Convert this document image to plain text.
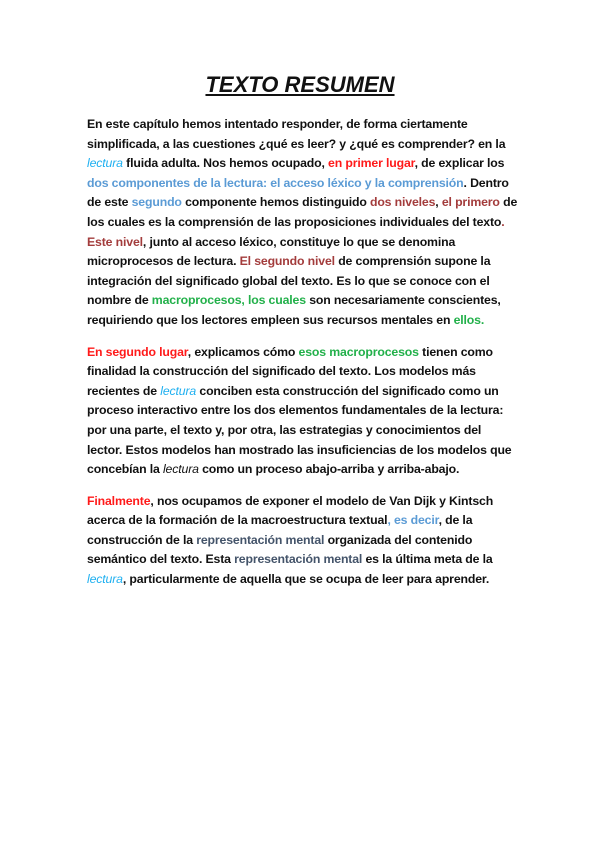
TEXTO RESUMEN
En este capítulo hemos intentado responder, de forma ciertamente
simplificada, a las cuestiones ¿qué es leer? y ¿qué es comprender? en la
lectura fluida adulta. Nos hemos ocupado, en primer lugar, de explicar los
dos componentes de la lectura: el acceso léxico y la comprensión. Dentro
de este segundo componente hemos distinguido dos niveles, el primero de
los cuales es la comprensión de las proposiciones individuales del texto.
Este nivel, junto al acceso léxico, constituye lo que se denomina
microprocesos de lectura. El segundo nivel de comprensión supone la
integración del significado global del texto. Es lo que se conoce con el
nombre de macroprocesos, los cuales son necesariamente conscientes,
requiriendo que los lectores empleen sus recursos mentales en ellos.
En segundo lugar, explicamos cómo esos macroprocesos tienen como
finalidad la construcción del significado del texto. Los modelos más
recientes de lectura conciben esta construcción del significado como un
proceso interactivo entre los dos elementos fundamentales de la lectura:
por una parte, el texto y, por otra, las estrategias y conocimientos del
lector. Estos modelos han mostrado las insuficiencias de los modelos que
concebían la lectura como un proceso abajo-arriba y arriba-abajo.
Finalmente, nos ocupamos de exponer el modelo de Van Dijk y Kintsch
acerca de la formación de la macroestructura textual, es decir, de la
construcción de la representación mental organizada del contenido
semántico del texto. Esta representación mental es la última meta de la
lectura, particularmente de aquella que se ocupa de leer para aprender.
